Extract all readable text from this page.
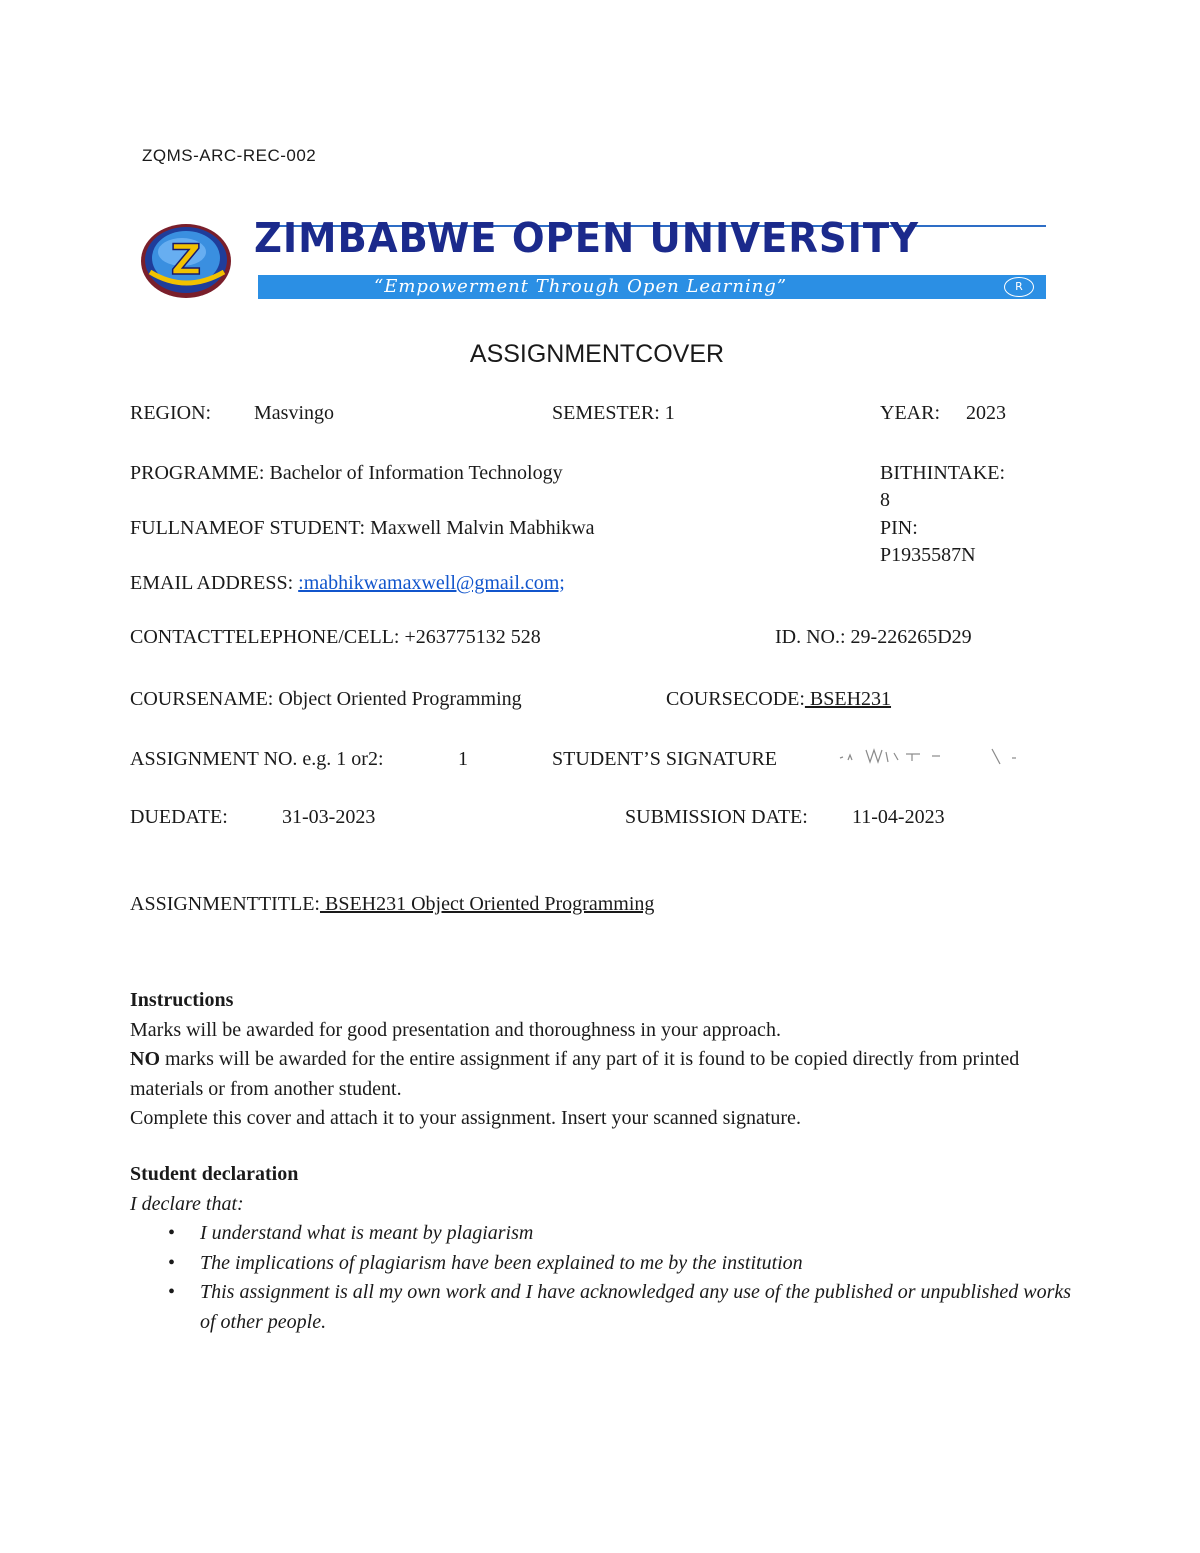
ZQMS-ARC-REC-002
Z ZIMBABWE OPEN UNIVERSITY
“Empowerment Through Open Learning”	R
ASSIGNMENTCOVER
REGION: Masvingo	SEMESTER: 1	YEAR: 2023
PROGRAMME: Bachelor of Information Technology	BITHINTAKE:
8
FULLNAMEOF STUDENT: Maxwell Malvin Mabhikwa	PIN:
P1935587N
EMAIL ADDRESS: :mabhikwamaxwell@gmail.com;
CONTACTTELEPHONE/CELL: +263775132 528	ID. NO.: 29-226265D29
COURSENAME: Object Oriented Programming	COURSECODE: BSEH231
ASSIGNMENT NO. e.g. 1 or2:	1	STUDENT’S SIGNATURE
DUEDATE:	31-03-2023	SUBMISSION DATE: 11-04-2023
ASSIGNMENTTITLE: BSEH231 Object Oriented Programming
Instructions
Marks will be awarded for good presentation and thoroughness in your approach.
NO marks will be awarded for the entire assignment if any part of it is found to be copied directly from printed materials or from another student.
Complete this cover and attach it to your assignment. Insert your scanned signature.
Student declaration
I declare that:
• I understand what is meant by plagiarism
• The implications of plagiarism have been explained to me by the institution
• This assignment is all my own work and I have acknowledged any use of the published or unpublished works of other people.
